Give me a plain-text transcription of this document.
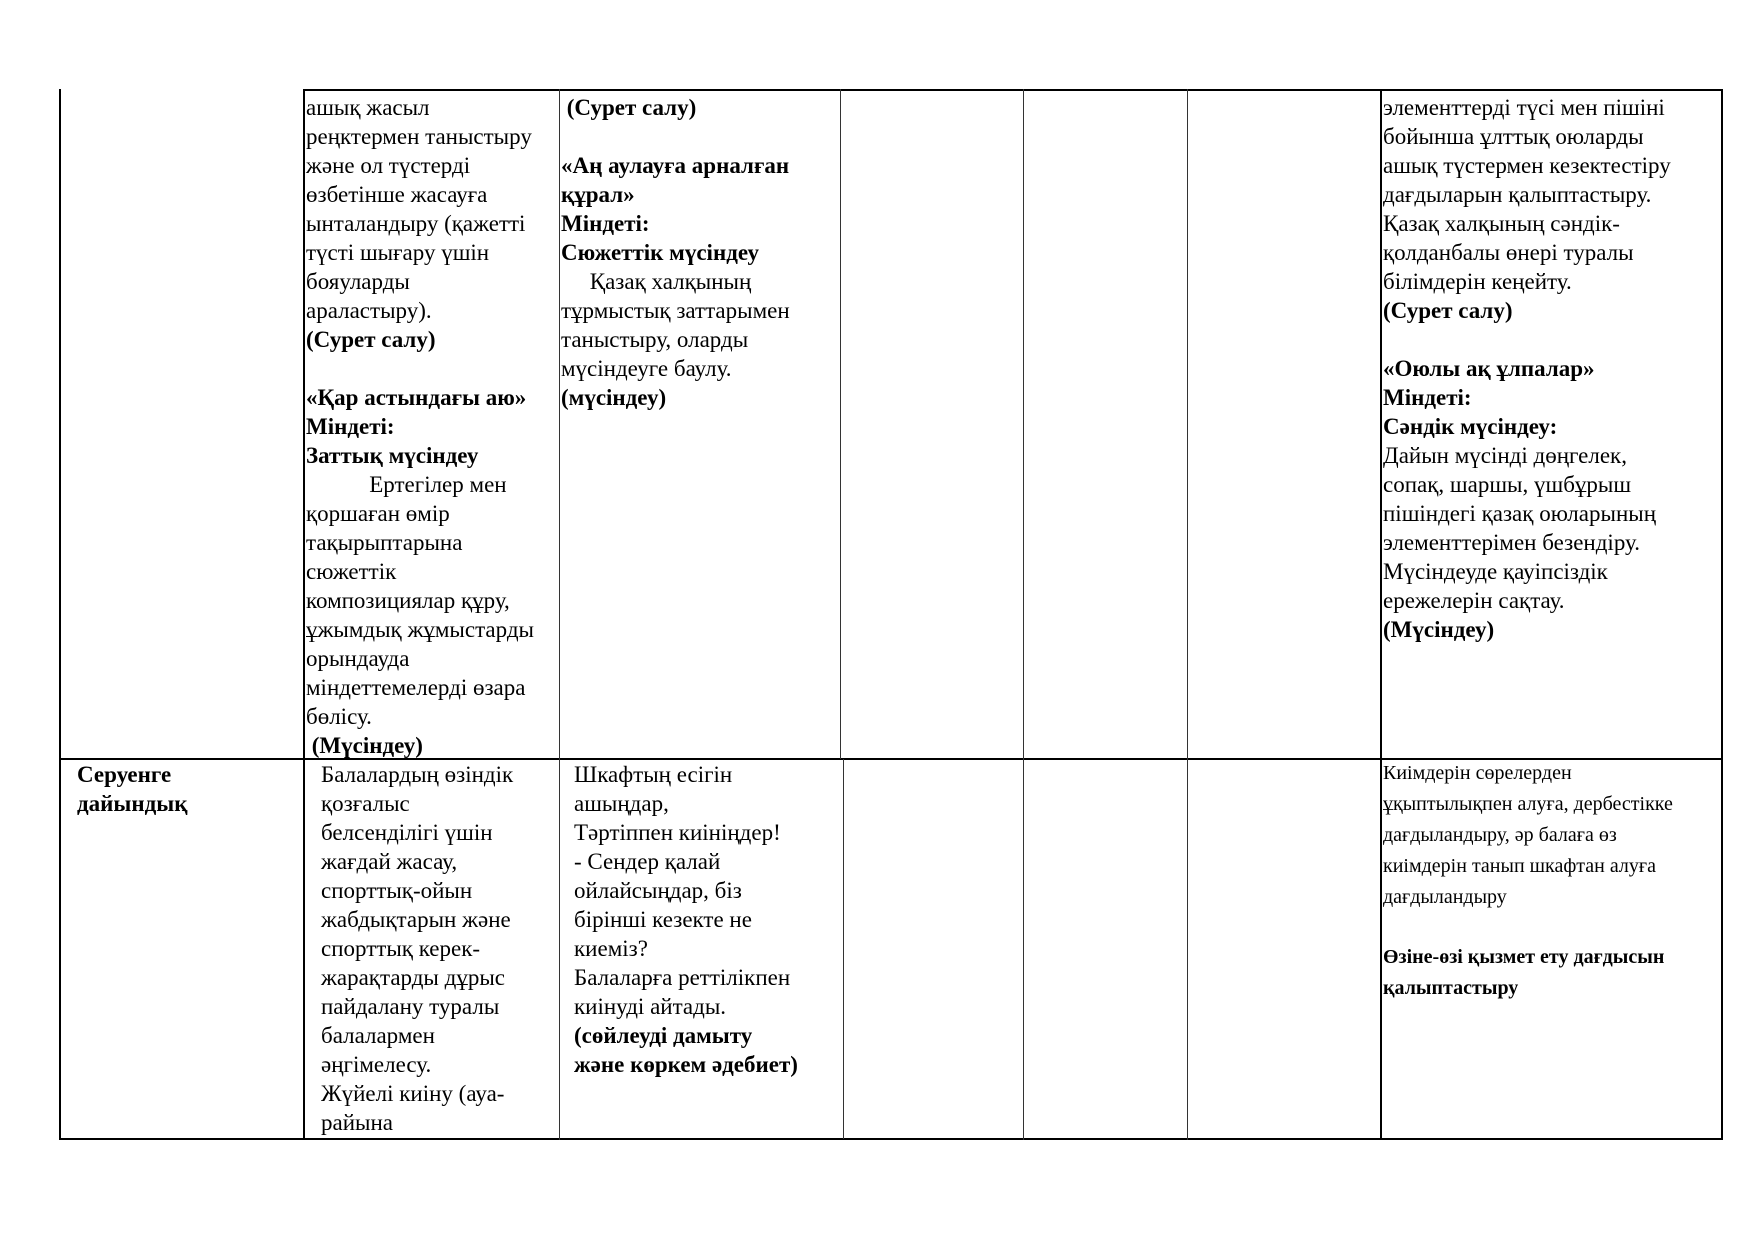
ашық жасыл

реңктермен таныстыру

және ол түстерді

өзбетінше жасауға

ынталандыру (қажетті

түсті шығару үшін

бояуларды

араластыру).

(Сурет салу)

«Қар астындағы аю»

Міндеті:

Заттық мүсіндеу

Ертегілер мен

қоршаған өмір

тақырыптарына

сюжеттік

композициялар құру,

ұжымдық жұмыстарды

орындауда

міндеттемелерді өзара

бөлісу.

(Мүсіндеу)

(Сурет салу)

«Аң аулауға арналған

құрал»

Міндеті:

Сюжеттік мүсіндеу

Қазақ халқының

тұрмыстық заттарымен

таныстыру, оларды

мүсіндеуге баулу.

(мүсіндеу)

элементтерді түсі мен пішіні

бойынша ұлттық оюларды

ашық түстермен кезектестіру

дағдыларын қалыптастыру.

Қазақ халқының сәндік-

қолданбалы өнері туралы

білімдерін кеңейту.

(Сурет салу)

«Оюлы ақ ұлпалар»

Міндеті:

Сәндік мүсіндеу:

Дайын мүсінді дөңгелек,

сопақ, шаршы, үшбұрыш

пішіндегі қазақ оюларының

элементтерімен безендіру.

Мүсіндеуде қауіпсіздік

ережелерін сақтау.

(Мүсіндеу)

Серуенге

дайындық

Балалардың өзіндік

қозғалыс

белсенділігі үшін

жағдай жасау,

спорттық-ойын

жабдықтарын және

спорттық керек-

жарақтарды дұрыс

пайдалану туралы

балалармен

әңгімелесу.

Жүйелі киіну (ауа-

райына

Шкафтың есігін

ашыңдар,

Тәртіппен киініңдер!

- Сендер қалай

ойлайсыңдар, біз

бірінші кезекте не

киеміз?

Балаларға реттілікпен

киінуді айтады.

(сөйлеуді дамыту

және көркем әдебиет)

Киімдерін сөрелерден

ұқыптылықпен алуға, дербестікке

дағдыландыру, әр балаға өз

киімдерін танып шкафтан алуға

дағдыландыру

Өзіне-өзі қызмет ету дағдысын

қалыптастыру
